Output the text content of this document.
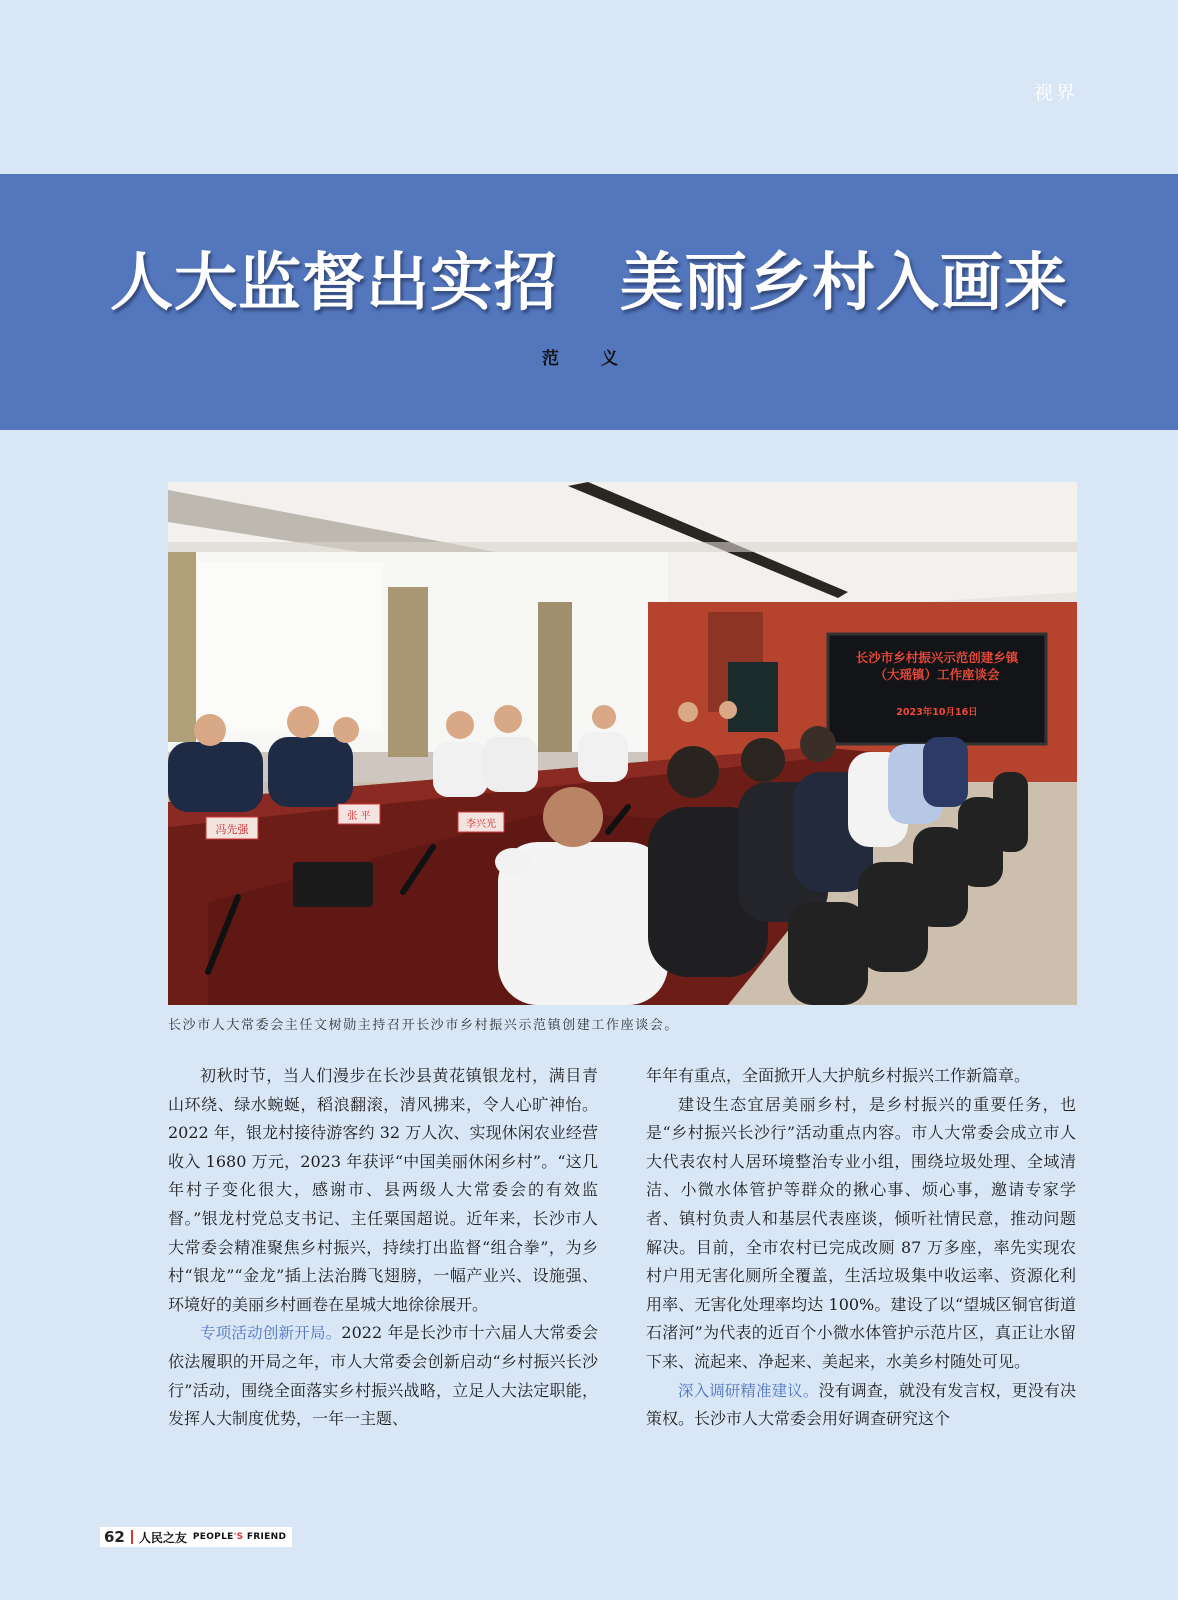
视界
人大监督出实招 美丽乡村入画来
范 义
长沙市乡村振兴示范创建乡镇
（大瑶镇）工作座谈会
2023年10月16日
冯先强
张 平
李兴光
长沙市人大常委会主任文树勋主持召开长沙市乡村振兴示范镇创建工作座谈会。

初秋时节，当人们漫步在长沙县黄花镇银龙村，满目青山环绕、绿水蜿蜒，稻浪翻滚，清风拂来，令人心旷神怡。2022 年，银龙村接待游客约 32 万人次、实现休闲农业经营收入 1680 万元，2023 年获评“中国美丽休闲乡村”。“这几年村子变化很大，感谢市、县两级人大常委会的有效监督。”银龙村党总支书记、主任粟国超说。近年来，长沙市人大常委会精准聚焦乡村振兴，持续打出监督“组合拳”，为乡村“银龙”“金龙”插上法治腾飞翅膀，一幅产业兴、设施强、环境好的美丽乡村画卷在星城大地徐徐展开。

专项活动创新开局。2022 年是长沙市十六届人大常委会依法履职的开局之年，市人大常委会创新启动“乡村振兴长沙行”活动，围绕全面落实乡村振兴战略，立足人大法定职能，发挥人大制度优势，一年一主题、

年年有重点，全面掀开人大护航乡村振兴工作新篇章。

建设生态宜居美丽乡村，是乡村振兴的重要任务，也是“乡村振兴长沙行”活动重点内容。市人大常委会成立市人大代表农村人居环境整治专业小组，围绕垃圾处理、全域清洁、小微水体管护等群众的揪心事、烦心事，邀请专家学者、镇村负责人和基层代表座谈，倾听社情民意，推动问题解决。目前，全市农村已完成改厕 87 万多座，率先实现农村户用无害化厕所全覆盖，生活垃圾集中收运率、资源化利用率、无害化处理率均达 100%。建设了以“望城区铜官街道石渚河”为代表的近百个小微水体管护示范片区，真正让水留下来、流起来、净起来、美起来，水美乡村随处可见。

深入调研精准建议。没有调查，就没有发言权，更没有决策权。长沙市人大常委会用好调查研究这个

62 人民之友 PEOPLE'S FRIEND
